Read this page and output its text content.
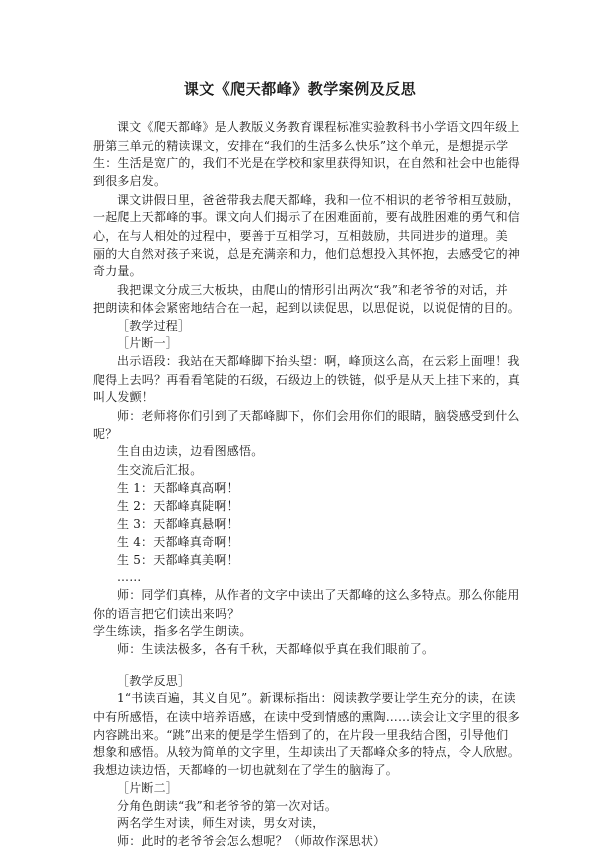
课文《爬天都峰》教学案例及反思
课文《爬天都峰》是人教版义务教育课程标准实验教科书小学语文四年级上
册第三单元的精读课文，安排在“我们的生活多么快乐”这个单元，是想提示学
生：生活是宽广的，我们不光是在学校和家里获得知识，在自然和社会中也能得
到很多启发。
课文讲假日里，爸爸带我去爬天都峰，我和一位不相识的老爷爷相互鼓励，
一起爬上天都峰的事。课文向人们揭示了在困难面前，要有战胜困难的勇气和信
心，在与人相处的过程中，要善于互相学习，互相鼓励，共同进步的道理。美
丽的大自然对孩子来说，总是充满亲和力，他们总想投入其怀抱，去感受它的神
奇力量。
我把课文分成三大板块，由爬山的情形引出两次“我”和老爷爷的对话，并
把朗读和体会紧密地结合在一起，起到以读促思，以思促说，以说促情的目的。
［教学过程］
［片断一］
出示语段：我站在天都峰脚下抬头望：啊，峰顶这么高，在云彩上面哩！我
爬得上去吗？再看看笔陡的石级，石级边上的铁链，似乎是从天上挂下来的，真
叫人发颤！
师：老师将你们引到了天都峰脚下，你们会用你们的眼睛，脑袋感受到什么
呢？
生自由边读，边看图感悟。
生交流后汇报。
生 1：天都峰真高啊！
生 2：天都峰真陡啊！
生 3：天都峰真悬啊！
生 4：天都峰真奇啊！
生 5：天都峰真美啊！
……
师：同学们真棒，从作者的文字中读出了天都峰的这么多特点。那么你能用
你的语言把它们读出来吗？
学生练读，指多名学生朗读。
师：生读法极多，各有千秋，天都峰似乎真在我们眼前了。
［教学反思］
1“书读百遍，其义自见”。新课标指出：阅读教学要让学生充分的读，在读
中有所感悟，在读中培养语感，在读中受到情感的熏陶……读会让文字里的很多
内容跳出来。“跳”出来的便是学生悟到了的，在片段一里我结合图，引导他们
想象和感悟。从较为简单的文字里，生却读出了天都峰众多的特点，令人欣慰。
我想边读边悟，天都峰的一切也就刻在了学生的脑海了。
［片断二］
分角色朗读“我”和老爷爷的第一次对话。
两名学生对读，师生对读，男女对读，
师：此时的老爷爷会怎么想呢？（师故作深思状）
